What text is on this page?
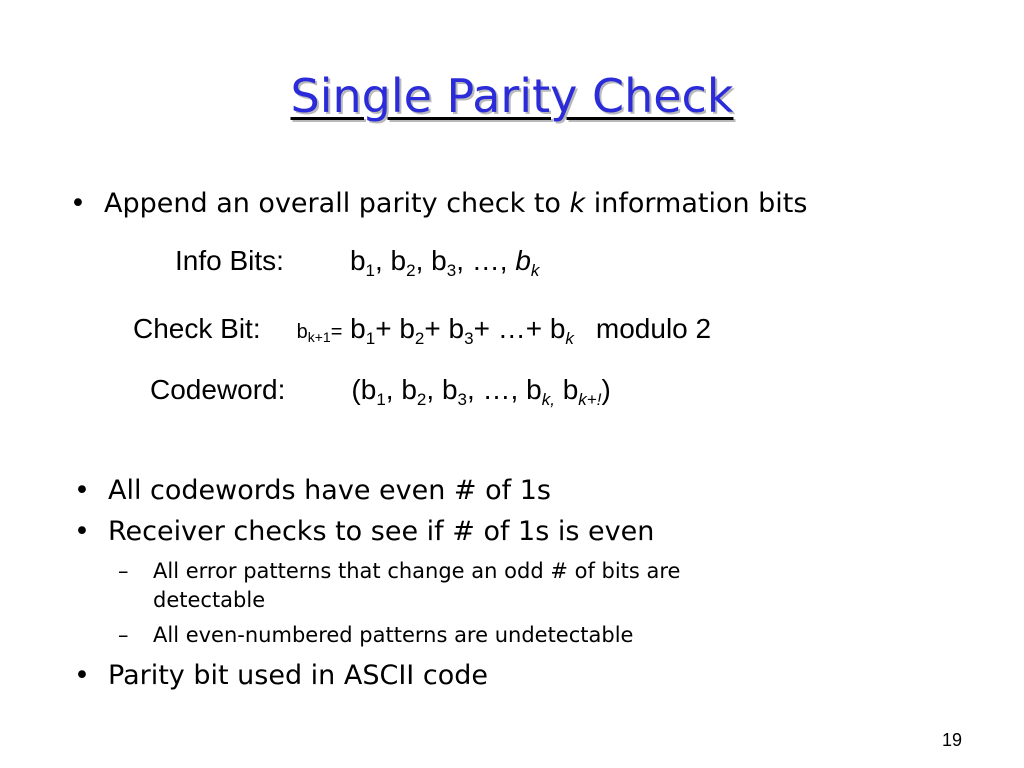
Single Parity Check
• Append an overall parity check to k information bits
Info Bits: $b_1$, $b_2$, $b_3$, …, $b_k$
Check Bit: $b_{k+1}= b_1+ b_2+ b_3+$ …+ $b_k$ modulo 2
Codeword: ($b_1$, $b_2$, $b_3$, …, $b_{k,}$ $b_{k+!}$)
• All codewords have even # of 1s
• Receiver checks to see if # of 1s is even
– All error patterns that change an odd # of bits are
detectable
– All even-numbered patterns are undetectable
• Parity bit used in ASCII code
19
